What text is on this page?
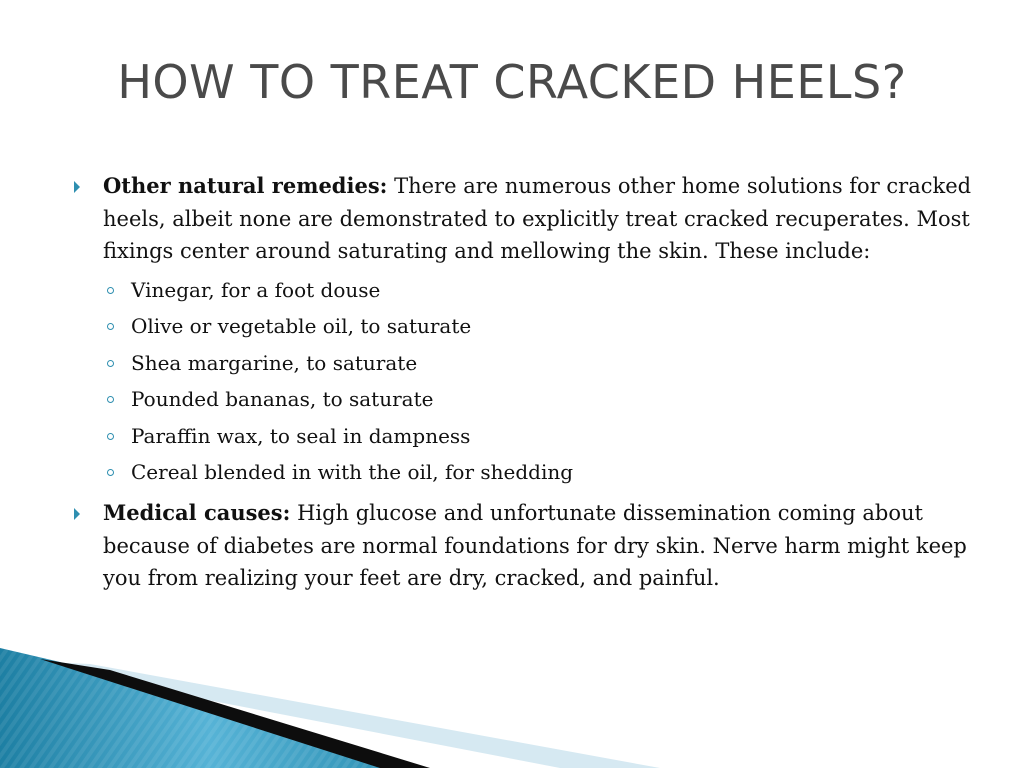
HOW TO TREAT CRACKED HEELS?
Other natural remedies: There are numerous other home solutions for cracked heels, albeit none are demonstrated to explicitly treat cracked recuperates. Most fixings center around saturating and mellowing the skin. These include:
Vinegar, for a foot douse
Olive or vegetable oil, to saturate
Shea margarine, to saturate
Pounded bananas, to saturate
Paraffin wax, to seal in dampness
Cereal blended in with the oil, for shedding
Medical causes: High glucose and unfortunate dissemination coming about because of diabetes are normal foundations for dry skin. Nerve harm might keep you from realizing your feet are dry, cracked, and painful.
